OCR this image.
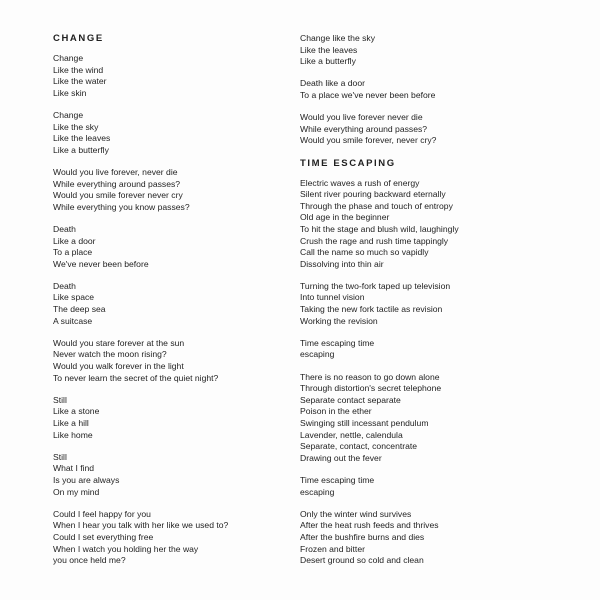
CHANGE
Change
Like the wind
Like the water
Like skin
Change
Like the sky
Like the leaves
Like a butterfly
Would you live forever, never die
While everything around passes?
Would you smile forever never cry
While everything you know passes?
Death
Like a door
To a place
We've never been before
Death
Like space
The deep sea
A suitcase
Would you stare forever at the sun
Never watch the moon rising?
Would you walk forever in the light
To never learn the secret of the quiet night?
Still
Like a stone
Like a hill
Like home
Still
What I find
Is you are always
On my mind
Could I feel happy for you
When I hear you talk with her like we used to?
Could I set everything free
When I watch you holding her the way
you once held me?
Change like the sky
Like the leaves
Like a butterfly
Death like a door
To a place we've never been before
Would you live forever never die
While everything around passes?
Would you smile forever, never cry?
TIME ESCAPING
Electric waves a rush of energy
Silent river pouring backward eternally
Through the phase and touch of entropy
Old age in the beginner
To hit the stage and blush wild, laughingly
Crush the rage and rush time tappingly
Call the name so much so vapidly
Dissolving into thin air
Turning the two-fork taped up television
Into tunnel vision
Taking the new fork tactile as revision
Working the revision
Time escaping time
escaping
There is no reason to go down alone
Through distortion's secret telephone
Separate contact separate
Poison in the ether
Swinging still incessant pendulum
Lavender, nettle, calendula
Separate, contact, concentrate
Drawing out the fever
Time escaping time
escaping
Only the winter wind survives
After the heat rush feeds and thrives
After the bushfire burns and dies
Frozen and bitter
Desert ground so cold and clean
